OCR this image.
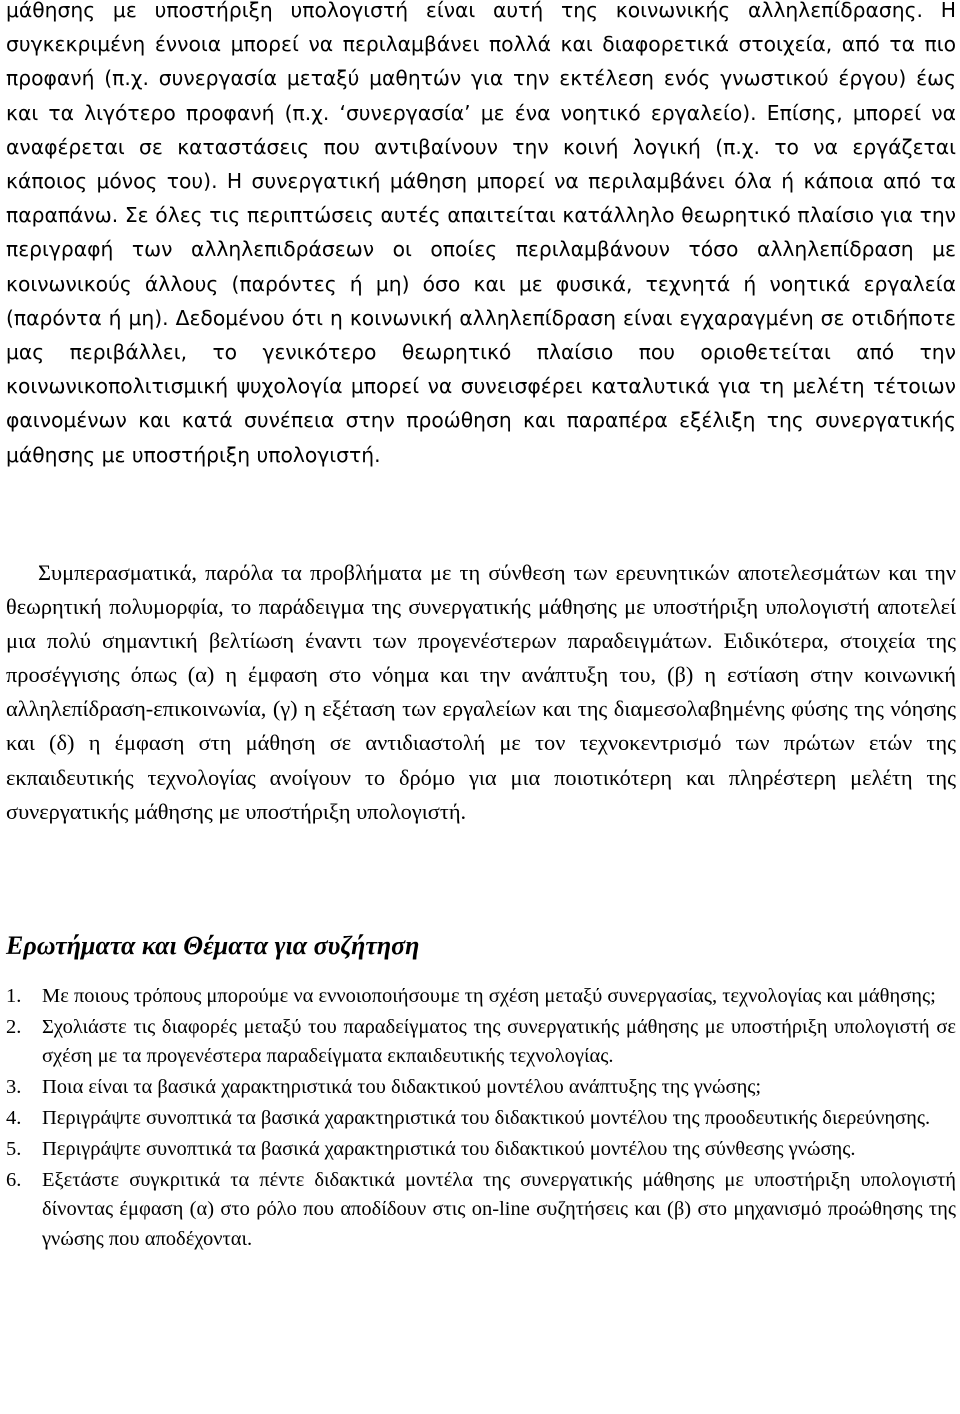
μάθησης με υποστήριξη υπολογιστή είναι αυτή της κοινωνικής αλληλεπίδρασης. Η συγκεκριμένη έννοια μπορεί να περιλαμβάνει πολλά και διαφορετικά στοιχεία, από τα πιο προφανή (π.χ. συνεργασία μεταξύ μαθητών για την εκτέλεση ενός γνωστικού έργου) έως και τα λιγότερο προφανή (π.χ. ‘συνεργασία’ με ένα νοητικό εργαλείο). Επίσης, μπορεί να αναφέρεται σε καταστάσεις που αντιβαίνουν την κοινή λογική (π.χ. το να εργάζεται κάποιος μόνος του). Η συνεργατική μάθηση μπορεί να περιλαμβάνει όλα ή κάποια από τα παραπάνω. Σε όλες τις περιπτώσεις αυτές απαιτείται κατάλληλο θεωρητικό πλαίσιο για την περιγραφή των αλληλεπιδράσεων οι οποίες περιλαμβάνουν τόσο αλληλεπίδραση με κοινωνικούς άλλους (παρόντες ή μη) όσο και με φυσικά, τεχνητά ή νοητικά εργαλεία (παρόντα ή μη). Δεδομένου ότι η κοινωνική αλληλεπίδραση είναι εγχαραγμένη σε οτιδήποτε μας περιβάλλει, το γενικότερο θεωρητικό πλαίσιο που οριοθετείται από την κοινωνικοπολιτισμική ψυχολογία μπορεί να συνεισφέρει καταλυτικά για τη μελέτη τέτοιων φαινομένων και κατά συνέπεια στην προώθηση και παραπέρα εξέλιξη της συνεργατικής μάθησης με υποστήριξη υπολογιστή.

Συμπερασματικά, παρόλα τα προβλήματα με τη σύνθεση των ερευνητικών αποτελεσμάτων και την θεωρητική πολυμορφία, το παράδειγμα της συνεργατικής μάθησης με υποστήριξη υπολογιστή αποτελεί μια πολύ σημαντική βελτίωση έναντι των προγενέστερων παραδειγμάτων. Ειδικότερα, στοιχεία της προσέγγισης όπως (α) η έμφαση στο νόημα και την ανάπτυξη του, (β) η εστίαση στην κοινωνική αλληλεπίδραση-επικοινωνία, (γ) η εξέταση των εργαλείων και της διαμεσολαβημένης φύσης της νόησης και (δ) η έμφαση στη μάθηση σε αντιδιαστολή με τον τεχνοκεντρισμό των πρώτων ετών της εκπαιδευτικής τεχνολογίας ανοίγουν το δρόμο για μια ποιοτικότερη και πληρέστερη μελέτη της συνεργατικής μάθησης με υποστήριξη υπολογιστή.

Ερωτήματα και Θέματα για συζήτηση
1. Με ποιους τρόπους μπορούμε να εννοιοποιήσουμε τη σχέση μεταξύ συνεργασίας, τεχνολογίας και μάθησης;
2. Σχολιάστε τις διαφορές μεταξύ του παραδείγματος της συνεργατικής μάθησης με υποστήριξη υπολογιστή σε σχέση με τα προγενέστερα παραδείγματα εκπαιδευτικής τεχνολογίας.
3. Ποια είναι τα βασικά χαρακτηριστικά του διδακτικού μοντέλου ανάπτυξης της γνώσης;
4. Περιγράψτε συνοπτικά τα βασικά χαρακτηριστικά του διδακτικού μοντέλου της προοδευτικής διερεύνησης.
5. Περιγράψτε συνοπτικά τα βασικά χαρακτηριστικά του διδακτικού μοντέλου της σύνθεσης γνώσης.
6. Εξετάστε συγκριτικά τα πέντε διδακτικά μοντέλα της συνεργατικής μάθησης με υποστήριξη υπολογιστή δίνοντας έμφαση (α) στο ρόλο που αποδίδουν στις on-line συζητήσεις και (β) στο μηχανισμό προώθησης της γνώσης που αποδέχονται.
